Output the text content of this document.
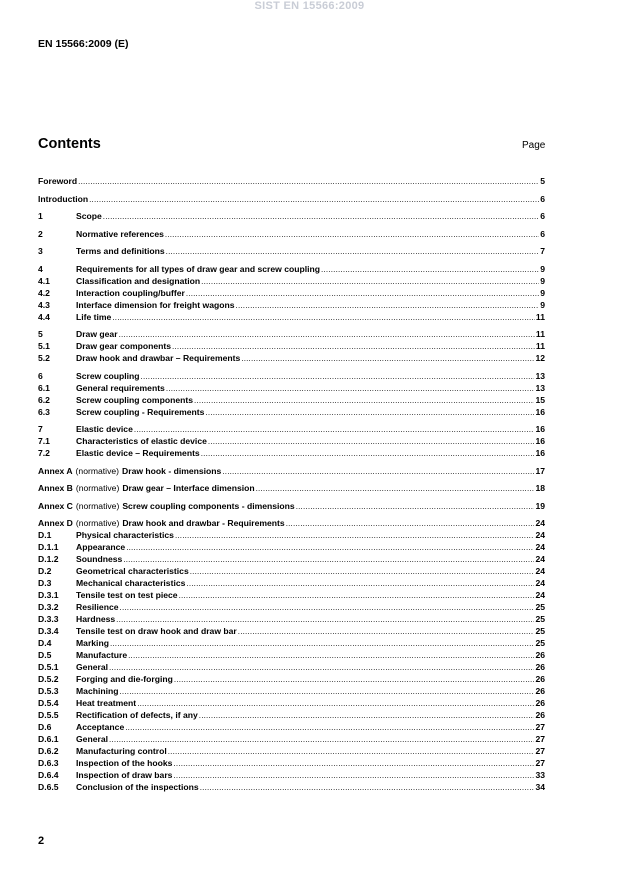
SIST EN 15566:2009
EN 15566:2009 (E)
Contents	Page
Foreword .....	5
Introduction .....	6
1	Scope .....	6
2	Normative references .....	6
3	Terms and definitions .....	7
4	Requirements for all types of draw gear and screw coupling .....	9
4.1	Classification and designation .....	9
4.2	Interaction coupling/buffer .....	9
4.3	Interface dimension for freight wagons .....	9
4.4	Life time .....	11
5	Draw gear .....	11
5.1	Draw gear components .....	11
5.2	Draw hook and drawbar – Requirements .....	12
6	Screw coupling .....	13
6.1	General requirements .....	13
6.2	Screw coupling components .....	15
6.3	Screw coupling - Requirements .....	16
7	Elastic device .....	16
7.1	Characteristics of elastic device .....	16
7.2	Elastic device – Requirements .....	16
Annex A (normative) Draw hook - dimensions .....	17
Annex B (normative) Draw gear – Interface dimension .....	18
Annex C (normative) Screw coupling components - dimensions .....	19
Annex D (normative) Draw hook and drawbar - Requirements .....	24
D.1	Physical characteristics .....	24
D.1.1	Appearance .....	24
D.1.2	Soundness .....	24
D.2	Geometrical characteristics .....	24
D.3	Mechanical characteristics .....	24
D.3.1	Tensile test on test piece .....	24
D.3.2	Resilience .....	25
D.3.3	Hardness .....	25
D.3.4	Tensile test on draw hook and draw bar .....	25
D.4	Marking .....	25
D.5	Manufacture .....	26
D.5.1	General .....	26
D.5.2	Forging and die-forging .....	26
D.5.3	Machining .....	26
D.5.4	Heat treatment .....	26
D.5.5	Rectification of defects, if any .....	26
D.6	Acceptance .....	27
D.6.1	General .....	27
D.6.2	Manufacturing control .....	27
D.6.3	Inspection of the hooks .....	27
D.6.4	Inspection of draw bars .....	33
D.6.5	Conclusion of the inspections .....	34
2
